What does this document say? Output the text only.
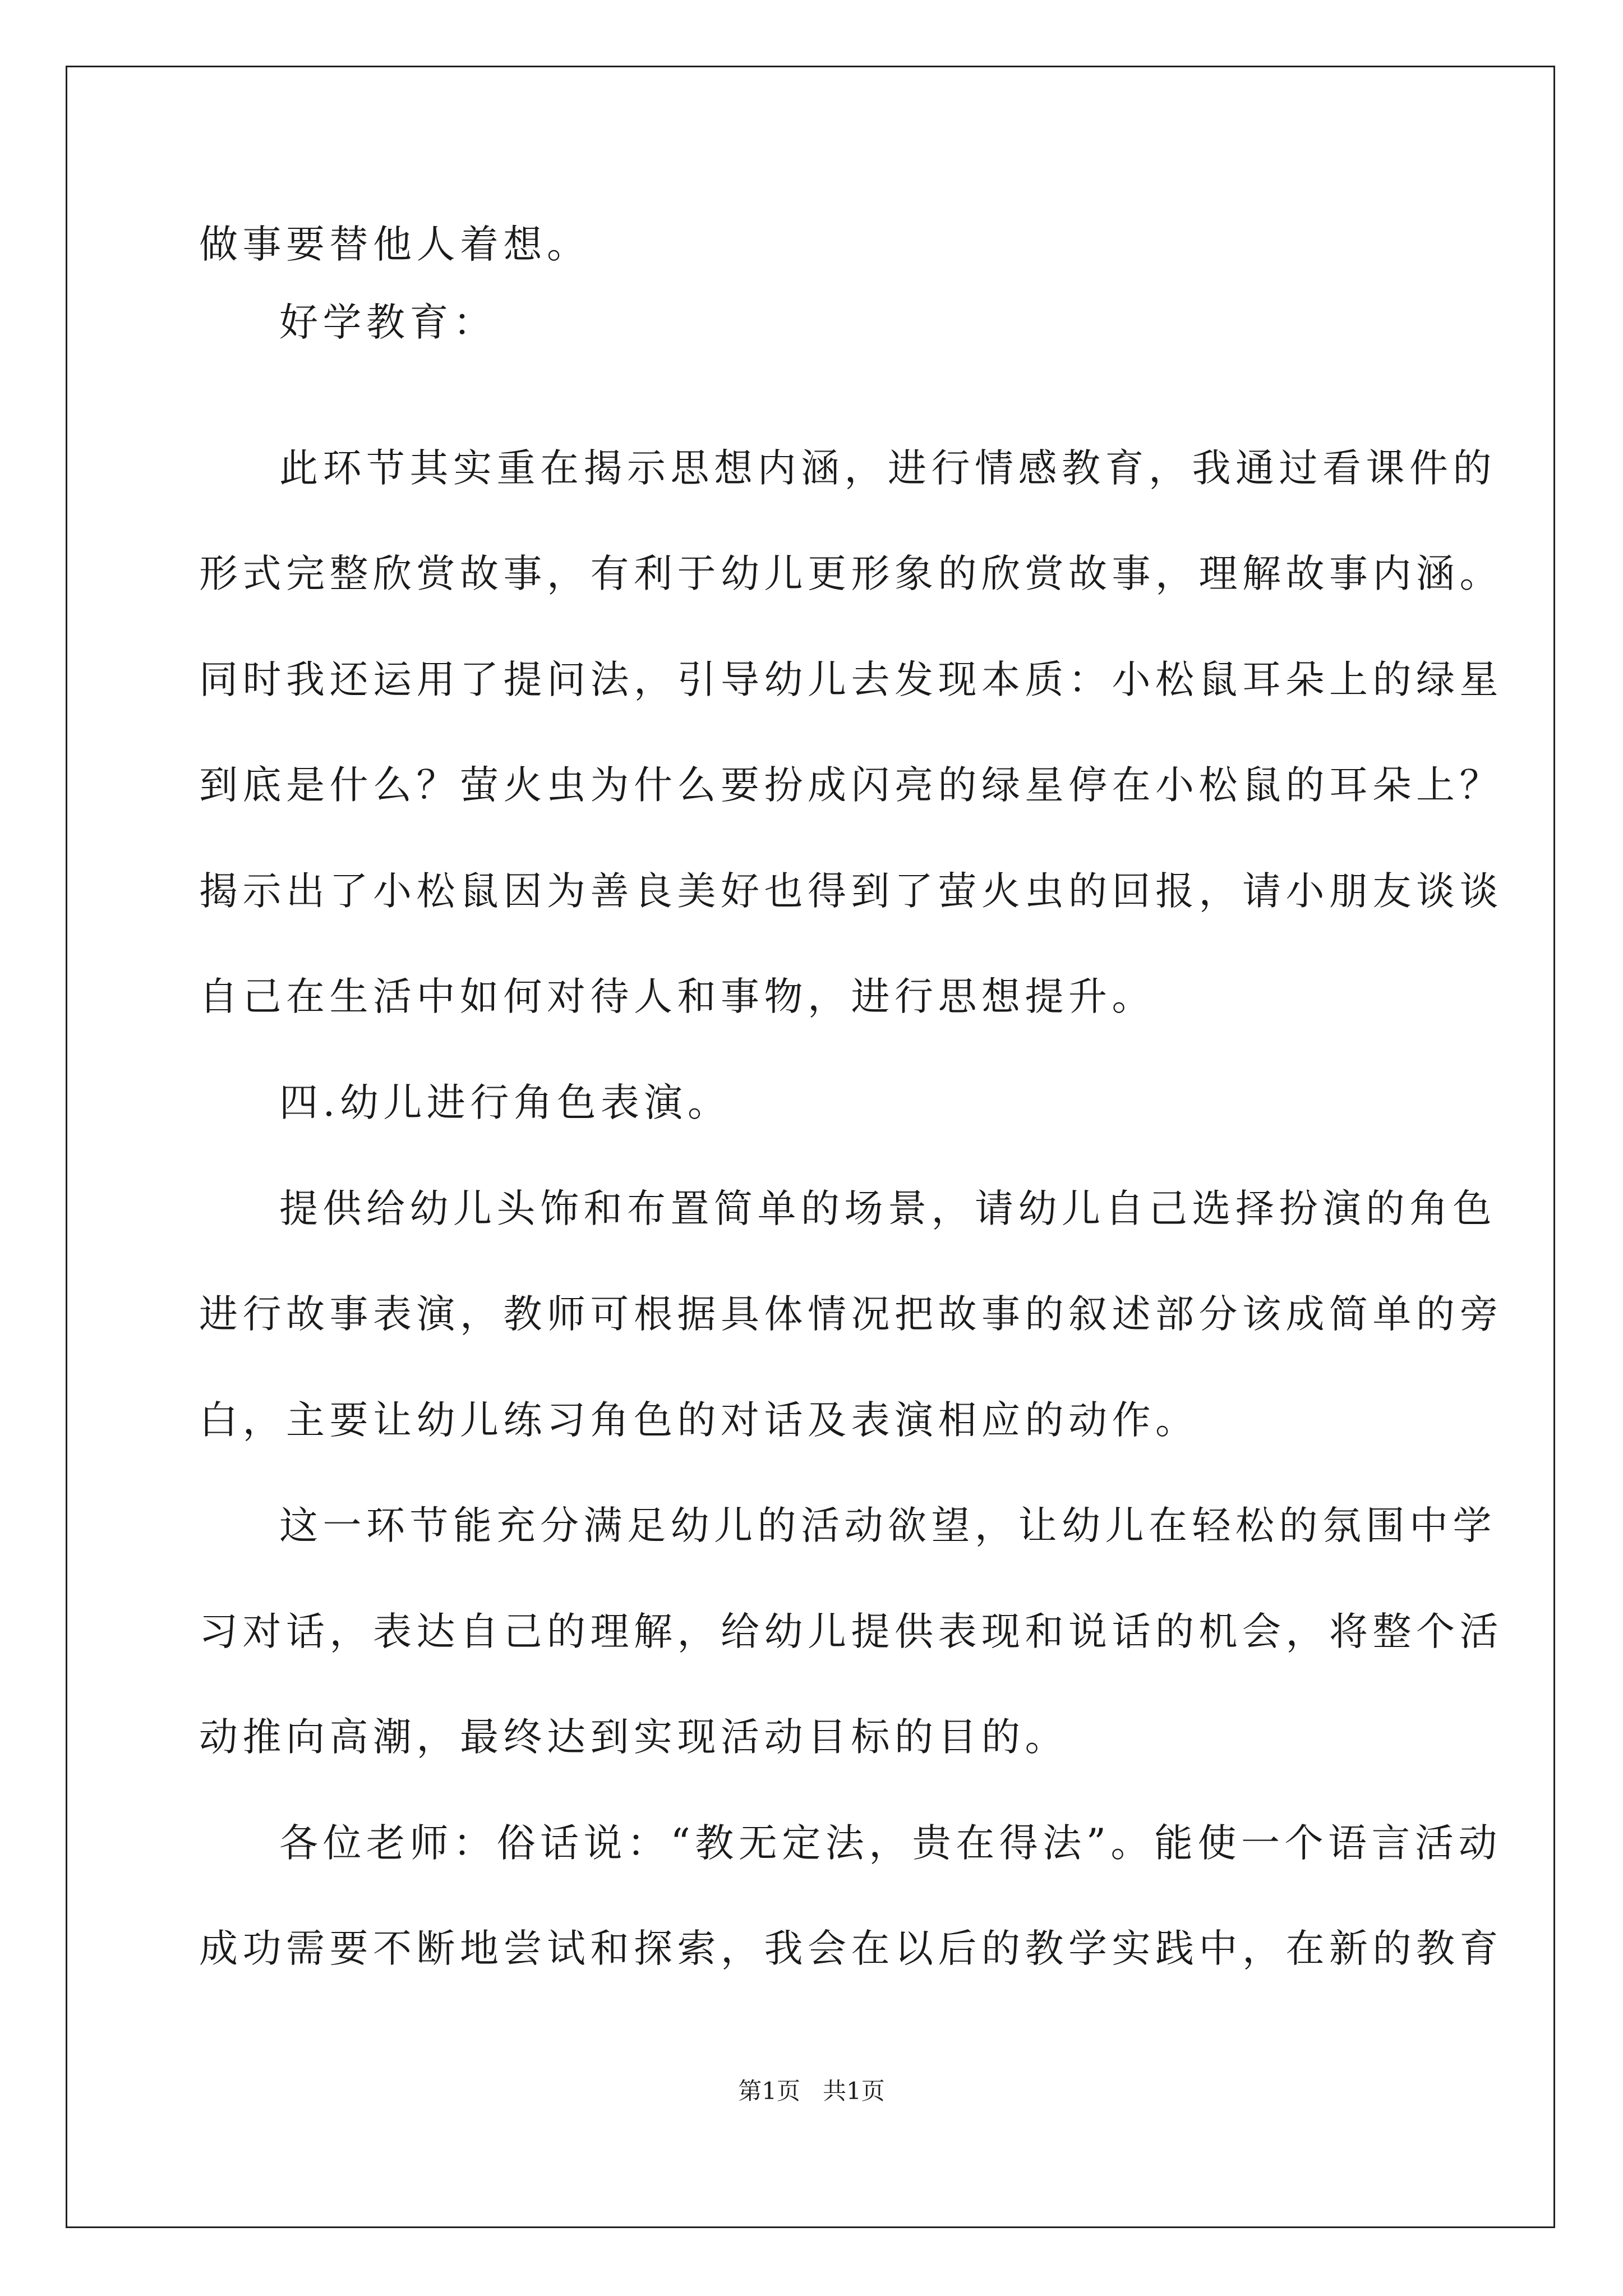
做事要替他人着想。
好学教育：
此环节其实重在揭示思想内涵，进行情感教育，我通过看课件的
形式完整欣赏故事，有利于幼儿更形象的欣赏故事，理解故事内涵。
同时我还运用了提问法，引导幼儿去发现本质：小松鼠耳朵上的绿星
到底是什么？萤火虫为什么要扮成闪亮的绿星停在小松鼠的耳朵上？
揭示出了小松鼠因为善良美好也得到了萤火虫的回报，请小朋友谈谈
自己在生活中如何对待人和事物，进行思想提升。
四.幼儿进行角色表演。
提供给幼儿头饰和布置简单的场景，请幼儿自己选择扮演的角色
进行故事表演，教师可根据具体情况把故事的叙述部分该成简单的旁
白，主要让幼儿练习角色的对话及表演相应的动作。
这一环节能充分满足幼儿的活动欲望，让幼儿在轻松的氛围中学
习对话，表达自己的理解，给幼儿提供表现和说话的机会，将整个活
动推向高潮，最终达到实现活动目标的目的。
各位老师：俗话说：“教无定法，贵在得法”。能使一个语言活动
成功需要不断地尝试和探索，我会在以后的教学实践中，在新的教育
第1页   共1页
